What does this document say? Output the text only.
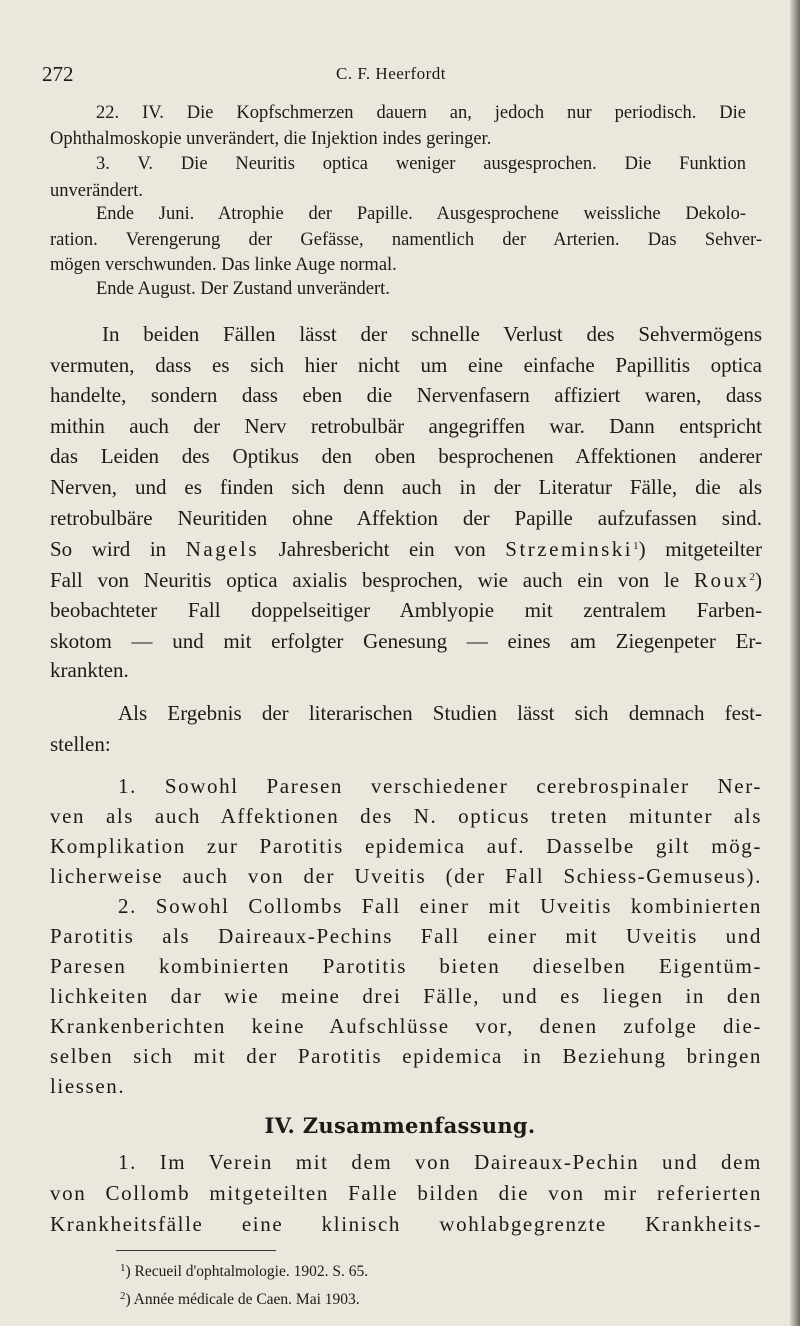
272	C. F. Heerfordt
22. IV. Die Kopfschmerzen dauern an, jedoch nur periodisch. Die
Ophthalmoskopie unverändert, die Injektion indes geringer.
3. V. Die Neuritis optica weniger ausgesprochen. Die Funktion
unverändert.
Ende Juni. Atrophie der Papille. Ausgesprochene weissliche Dekolo-
ration. Verengerung der Gefässe, namentlich der Arterien. Das Sehver-
mögen verschwunden. Das linke Auge normal.
Ende August. Der Zustand unverändert.
In beiden Fällen lässt der schnelle Verlust des Sehvermögens
vermuten, dass es sich hier nicht um eine einfache Papillitis optica
handelte, sondern dass eben die Nervenfasern affiziert waren, dass
mithin auch der Nerv retrobulbär angegriffen war. Dann entspricht
das Leiden des Optikus den oben besprochenen Affektionen anderer
Nerven, und es finden sich denn auch in der Literatur Fälle, die als
retrobulbäre Neuritiden ohne Affektion der Papille aufzufassen sind.
So wird in Nagels Jahresbericht ein von Strzeminski$^1$) mitgeteilter
Fall von Neuritis optica axialis besprochen, wie auch ein von le Roux$^2$)
beobachteter Fall doppelseitiger Amblyopie mit zentralem Farben-
skotom — und mit erfolgter Genesung — eines am Ziegenpeter Er-
krankten.
Als Ergebnis der literarischen Studien lässt sich demnach fest-
stellen:
1. Sowohl Paresen verschiedener cerebrospinaler Ner-
ven als auch Affektionen des N. opticus treten mitunter als
Komplikation zur Parotitis epidemica auf. Dasselbe gilt mög-
licherweise auch von der Uveitis (der Fall Schiess-Gemuseus).
2. Sowohl Collombs Fall einer mit Uveitis kombinierten
Parotitis als Daireaux-Pechins Fall einer mit Uveitis und
Paresen kombinierten Parotitis bieten dieselben Eigentüm-
lichkeiten dar wie meine drei Fälle, und es liegen in den
Krankenberichten keine Aufschlüsse vor, denen zufolge die-
selben sich mit der Parotitis epidemica in Beziehung bringen
liessen.
IV. Zusammenfassung.
1. Im Verein mit dem von Daireaux-Pechin und dem
von Collomb mitgeteilten Falle bilden die von mir referierten
Krankheitsfälle eine klinisch wohlabgegrenzte Krankheits-
$^1$) Recueil d'ophtalmologie. 1902. S. 65.
$^2$) Année médicale de Caen. Mai 1903.
